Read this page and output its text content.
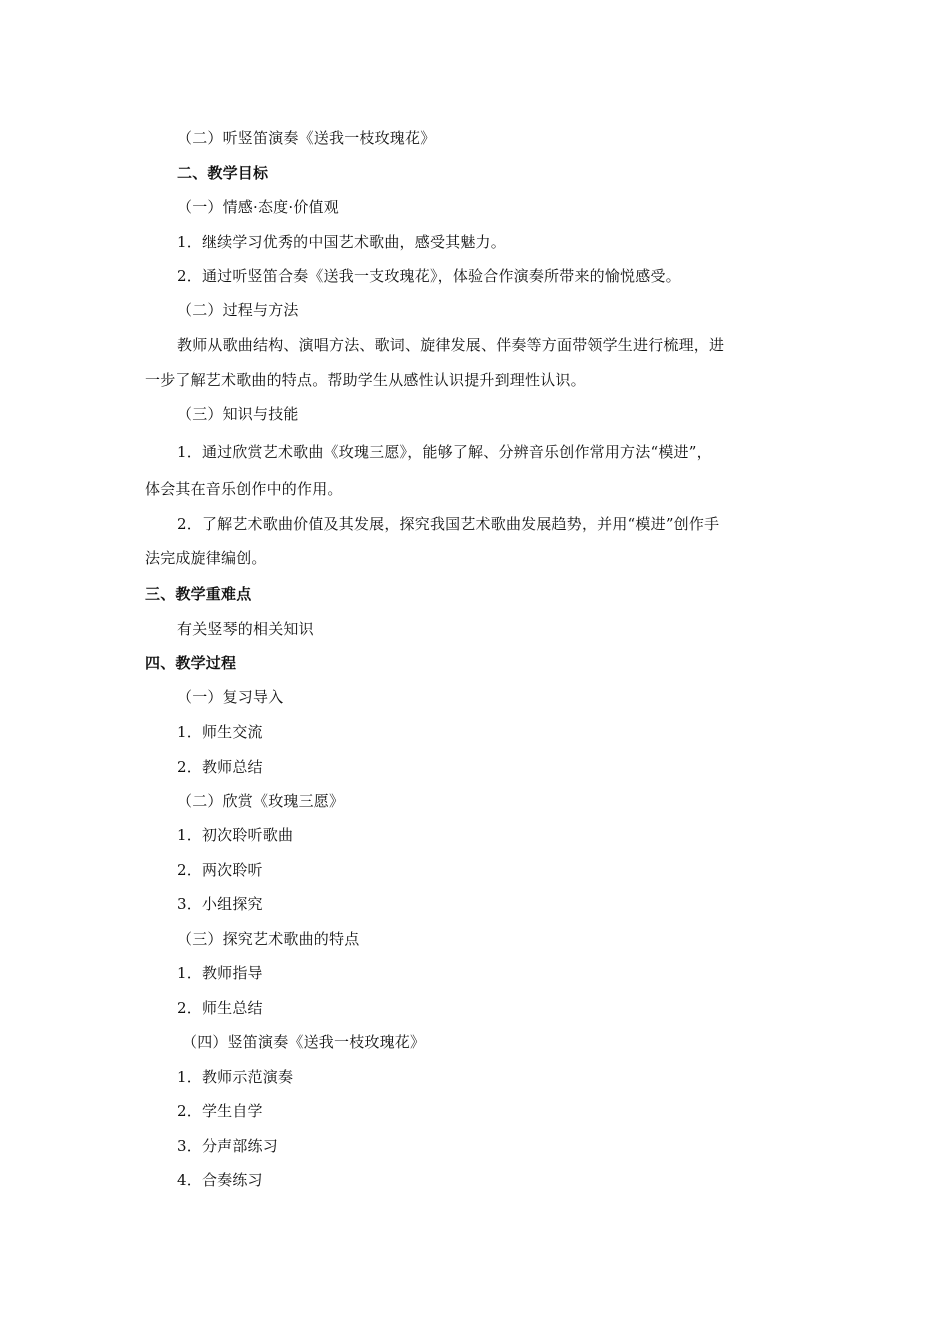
（二）听竖笛演奏《送我一枝玫瑰花》
二、教学目标
（一）情感·态度·价值观
1．继续学习优秀的中国艺术歌曲，感受其魅力。
2．通过听竖笛合奏《送我一支玫瑰花》，体验合作演奏所带来的愉悦感受。
（二）过程与方法
教师从歌曲结构、演唱方法、歌词、旋律发展、伴奏等方面带领学生进行梳理，进
一步了解艺术歌曲的特点。帮助学生从感性认识提升到理性认识。
（三）知识与技能
1．通过欣赏艺术歌曲《玫瑰三愿》，能够了解、分辨音乐创作常用方法“模进”，
体会其在音乐创作中的作用。
2．了解艺术歌曲价值及其发展，探究我国艺术歌曲发展趋势，并用“模进”创作手
法完成旋律编创。
三、教学重难点
有关竖琴的相关知识
四、教学过程
（一）复习导入
1．师生交流
2．教师总结
（二）欣赏《玫瑰三愿》
1．初次聆听歌曲
2．两次聆听
3．小组探究
（三）探究艺术歌曲的特点
1．教师指导
2．师生总结
（四）竖笛演奏《送我一枝玫瑰花》
1．教师示范演奏
2．学生自学
3．分声部练习
4．合奏练习
